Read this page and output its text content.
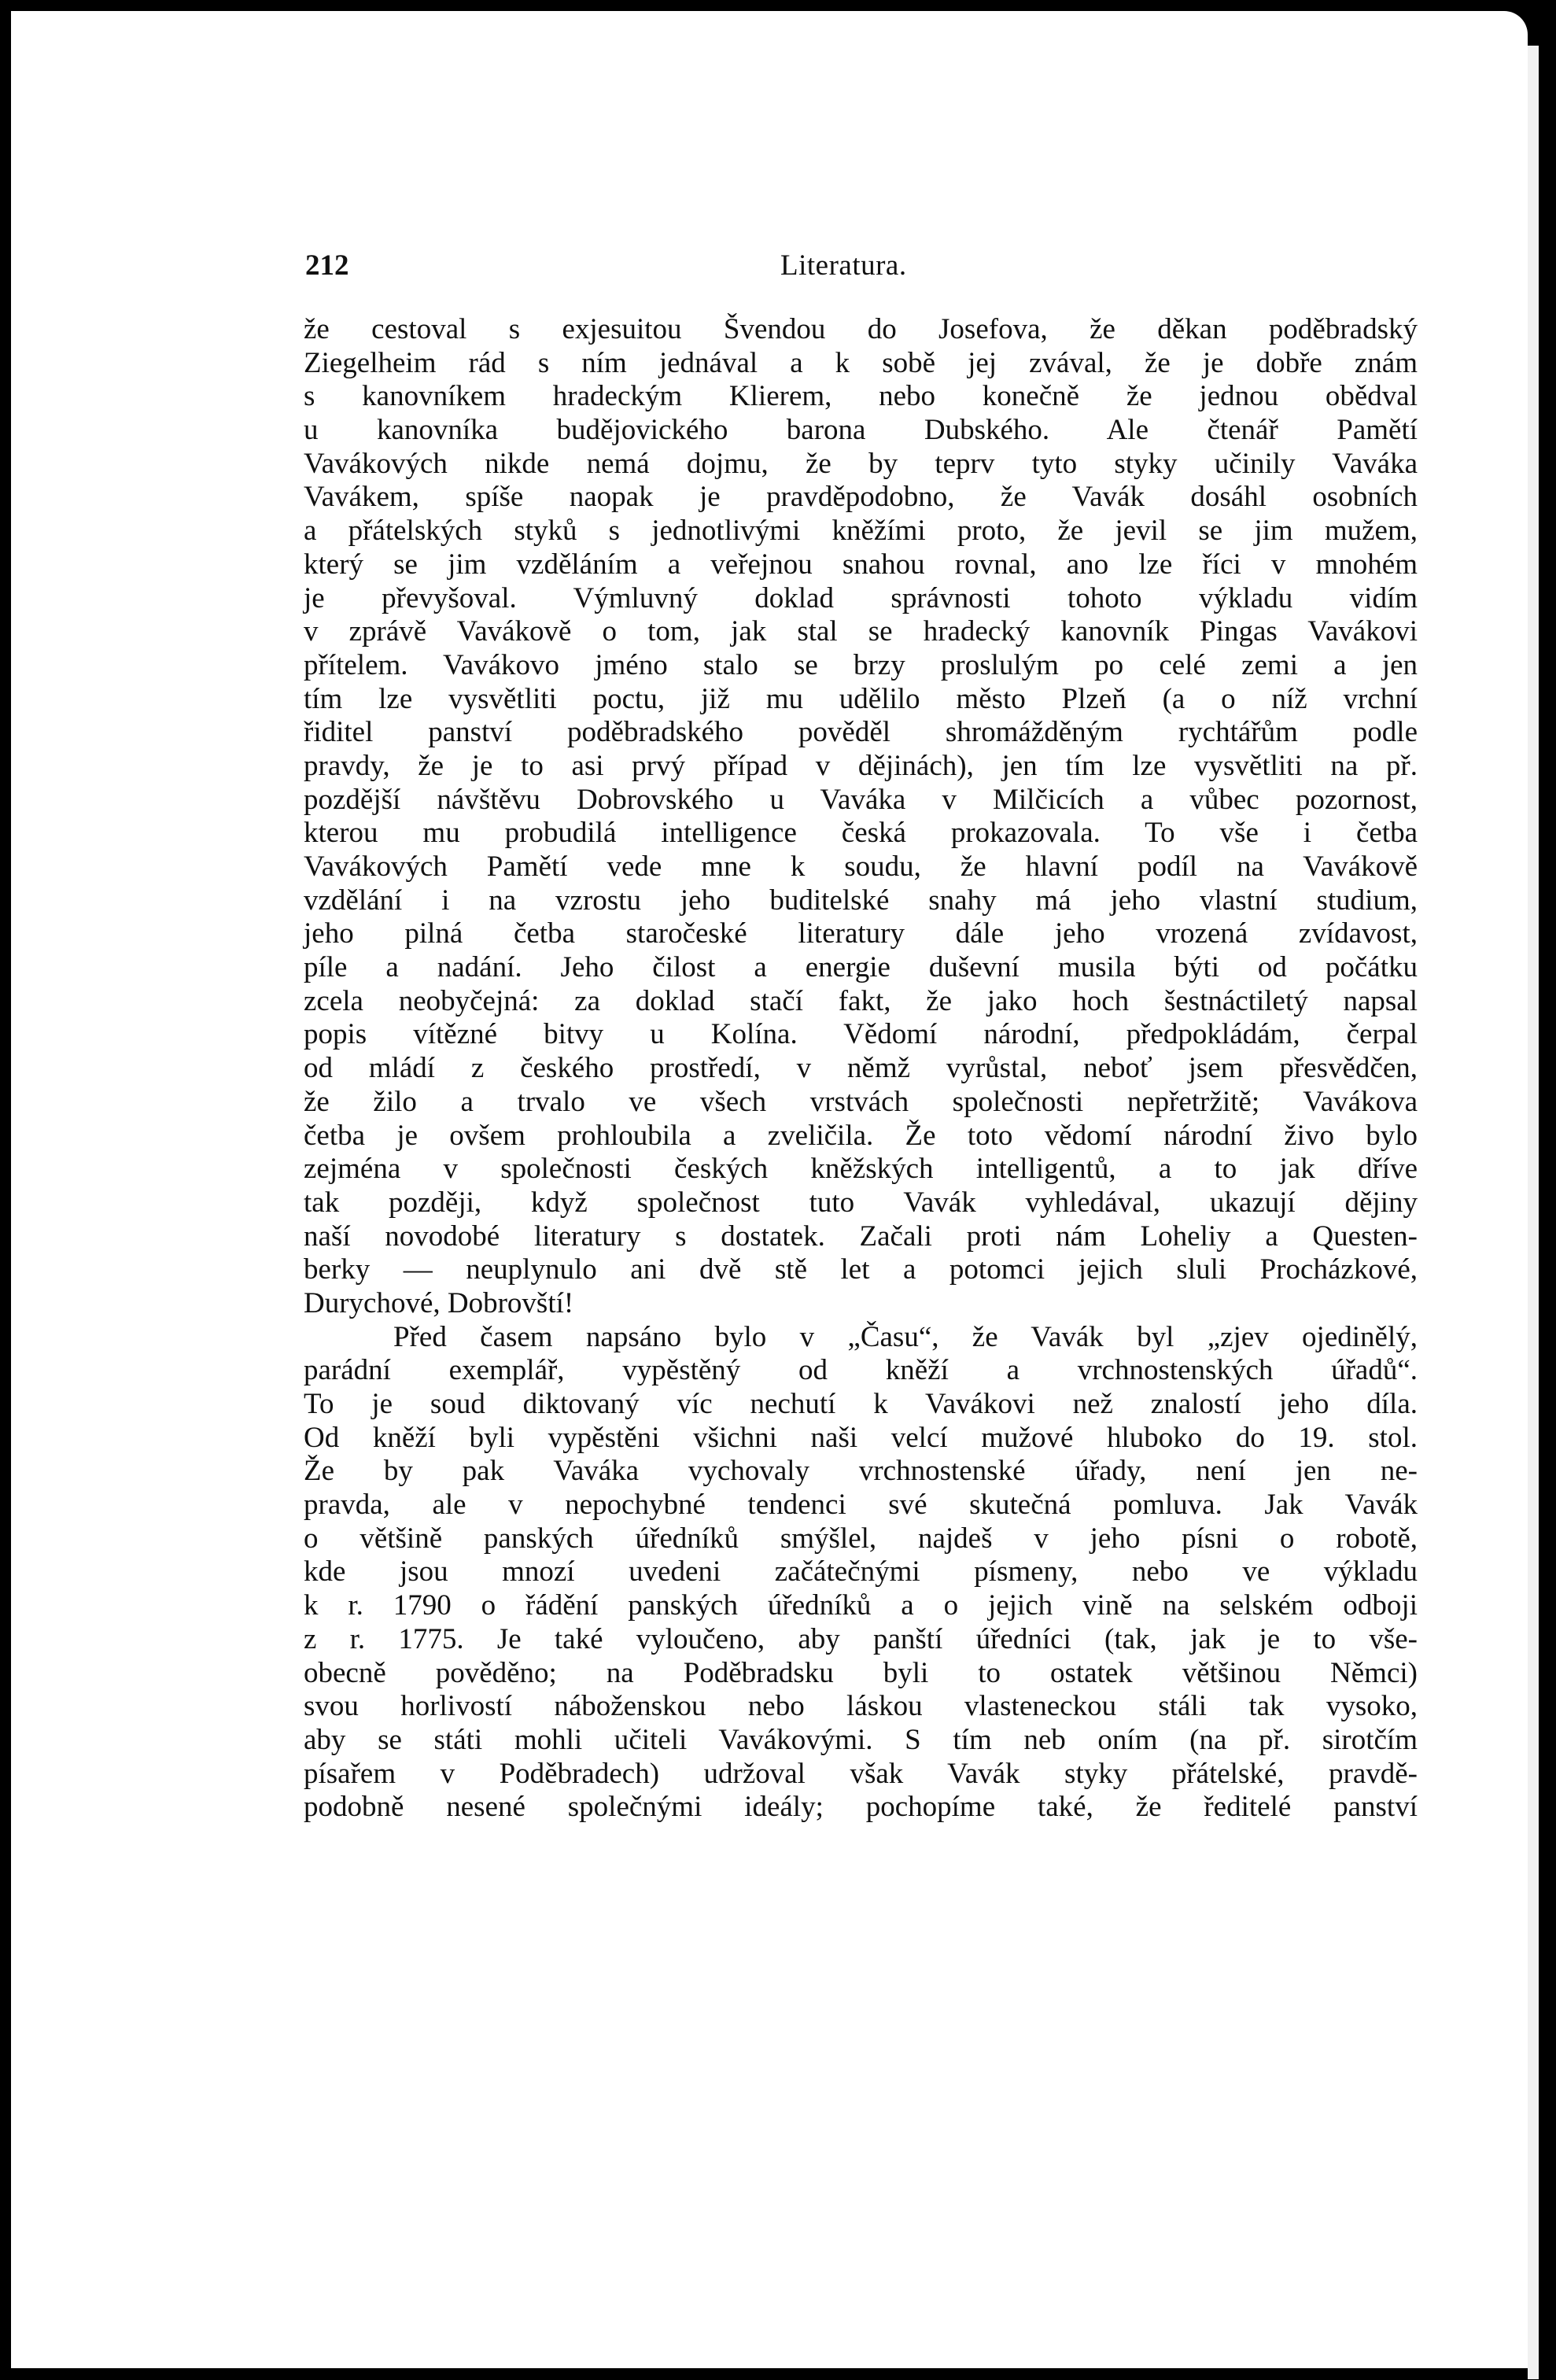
212	Literatura.
že cestoval s exjesuitou Švendou do Josefova, že děkan poděbradský
Ziegelheim rád s ním jednával a k sobě jej zvával, že je dobře znám
s kanovníkem hradeckým Klierem, nebo konečně že jednou obědval
u kanovníka budějovického barona Dubského. Ale čtenář Pamětí
Vavákových nikde nemá dojmu, že by teprv tyto styky učinily Vaváka
Vavákem, spíše naopak je pravděpodobno, že Vavák dosáhl osobních
a přátelských styků s jednotlivými kněžími proto, že jevil se jim mužem,
který se jim vzděláním a veřejnou snahou rovnal, ano lze říci v mnohém
je převyšoval. Výmluvný doklad správnosti tohoto výkladu vidím
v zprávě Vavákově o tom, jak stal se hradecký kanovník Pingas Vavákovi
přítelem. Vavákovo jméno stalo se brzy proslulým po celé zemi a jen
tím lze vysvětliti poctu, již mu udělilo město Plzeň (a o níž vrchní
řiditel panství poděbradského pověděl shromážděným rychtářům podle
pravdy, že je to asi prvý případ v dějinách), jen tím lze vysvětliti na př.
pozdější návštěvu Dobrovského u Vaváka v Milčicích a vůbec pozornost,
kterou mu probudilá intelligence česká prokazovala. To vše i četba
Vavákových Pamětí vede mne k soudu, že hlavní podíl na Vavákově
vzdělání i na vzrostu jeho buditelské snahy má jeho vlastní studium,
jeho pilná četba staročeské literatury dále jeho vrozená zvídavost,
píle a nadání. Jeho čilost a energie duševní musila býti od počátku
zcela neobyčejná: za doklad stačí fakt, že jako hoch šestnáctiletý napsal
popis vítězné bitvy u Kolína. Vědomí národní, předpokládám, čerpal
od mládí z českého prostředí, v němž vyrůstal, neboť jsem přesvědčen,
že žilo a trvalo ve všech vrstvách společnosti nepřetržitě; Vavákova
četba je ovšem prohloubila a zveličila. Že toto vědomí národní živo bylo
zejména v společnosti českých kněžských intelligentů, a to jak dříve
tak později, když společnost tuto Vavák vyhledával, ukazují dějiny
naší novodobé literatury s dostatek. Začali proti nám Loheliy a Questen-
berky — neuplynulo ani dvě stě let a potomci jejich sluli Procházkové,
Durychové, Dobrovští!
Před časem napsáno bylo v „Času“, že Vavák byl „zjev ojedinělý,
parádní exemplář, vypěstěný od kněží a vrchnostenských úřadů“.
To je soud diktovaný víc nechutí k Vavákovi než znalostí jeho díla.
Od kněží byli vypěstěni všichni naši velcí mužové hluboko do 19. stol.
Že by pak Vaváka vychovaly vrchnostenské úřady, není jen ne-
pravda, ale v nepochybné tendenci své skutečná pomluva. Jak Vavák
o většině panských úředníků smýšlel, najdeš v jeho písni o robotě,
kde jsou mnozí uvedeni začátečnými písmeny, nebo ve výkladu
k r. 1790 o řádění panských úředníků a o jejich vině na selském odboji
z r. 1775. Je také vyloučeno, aby panští úředníci (tak, jak je to vše-
obecně pověděno; na Poděbradsku byli to ostatek většinou Němci)
svou horlivostí náboženskou nebo láskou vlasteneckou stáli tak vysoko,
aby se státi mohli učiteli Vavákovými. S tím neb oním (na př. sirotčím
písařem v Poděbradech) udržoval však Vavák styky přátelské, pravdě-
podobně nesené společnými ideály; pochopíme také, že ředitelé panství
